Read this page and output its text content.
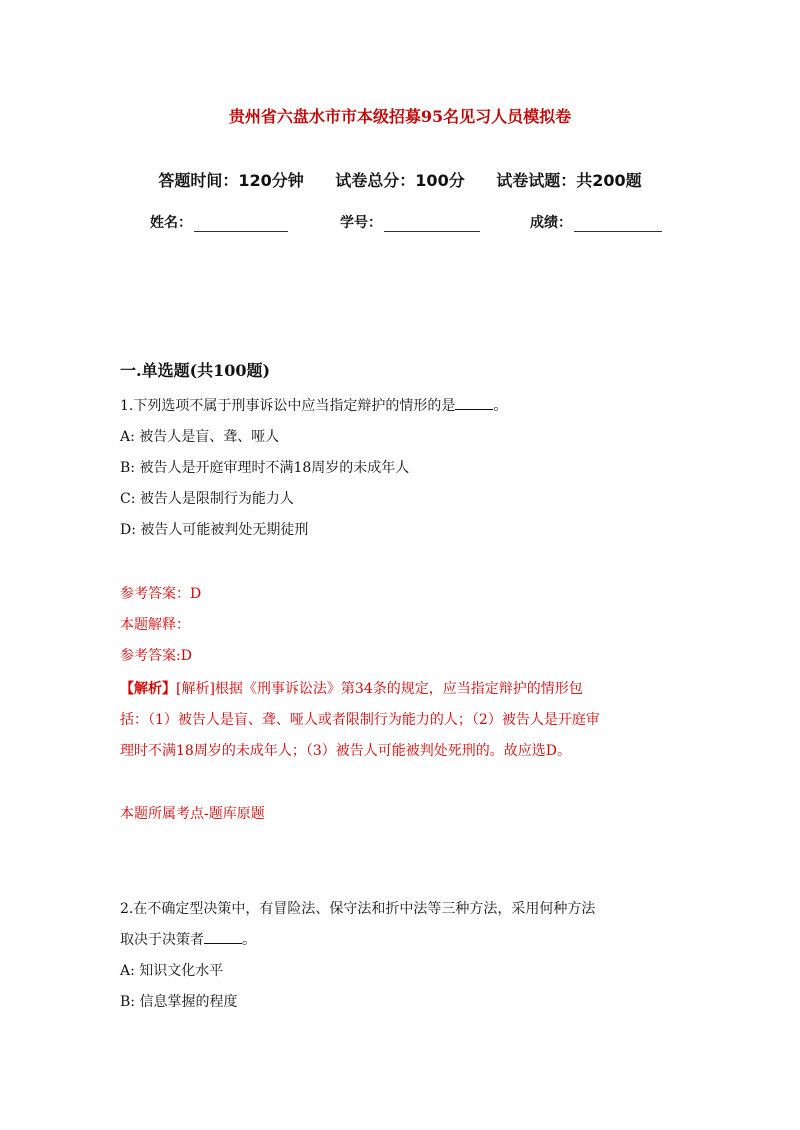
贵州省六盘水市市本级招募95名见习人员模拟卷
答题时间：120分钟 试卷总分：100分 试卷试题：共200题
姓名：	学号：	成绩：
一.单选题(共100题)
1.下列选项不属于刑事诉讼中应当指定辩护的情形的是	。
A: 被告人是盲、聋、哑人
B: 被告人是开庭审理时不满18周岁的未成年人
C: 被告人是限制行为能力人
D: 被告人可能被判处无期徒刑
参考答案：D
本题解释：
参考答案:D
【解析】[解析]根据《刑事诉讼法》第34条的规定，应当指定辩护的情形包
括：（1）被告人是盲、聋、哑人或者限制行为能力的人；（2）被告人是开庭审
理时不满18周岁的未成年人；（3）被告人可能被判处死刑的。故应选D。
本题所属考点-题库原题
2.在不确定型决策中，有冒险法、保守法和折中法等三种方法，采用何种方法
取决于决策者	。
A: 知识文化水平
B: 信息掌握的程度
